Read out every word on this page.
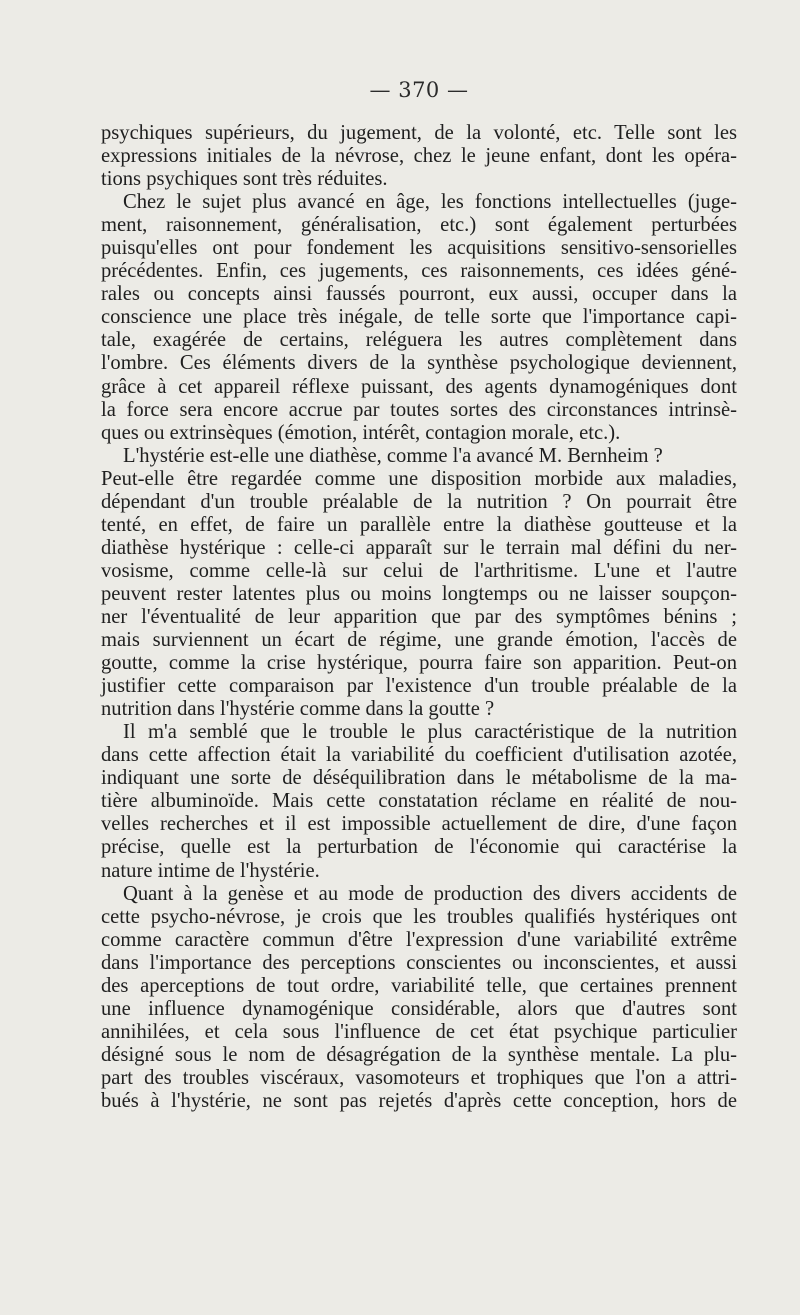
— 370 —
psychiques supérieurs, du jugement, de la volonté, etc. Telle sont les
expressions initiales de la névrose, chez le jeune enfant, dont les opéra-
tions psychiques sont très réduites.
Chez le sujet plus avancé en âge, les fonctions intellectuelles (juge-
ment, raisonnement, généralisation, etc.) sont également perturbées
puisqu'elles ont pour fondement les acquisitions sensitivo-sensorielles
précédentes. Enfin, ces jugements, ces raisonnements, ces idées géné-
rales ou concepts ainsi faussés pourront, eux aussi, occuper dans la
conscience une place très inégale, de telle sorte que l'importance capi-
tale, exagérée de certains, reléguera les autres complètement dans
l'ombre. Ces éléments divers de la synthèse psychologique deviennent,
grâce à cet appareil réflexe puissant, des agents dynamogéniques dont
la force sera encore accrue par toutes sortes des circonstances intrinsè-
ques ou extrinsèques (émotion, intérêt, contagion morale, etc.).
L'hystérie est-elle une diathèse, comme l'a avancé M. Bernheim ?
Peut-elle être regardée comme une disposition morbide aux maladies,
dépendant d'un trouble préalable de la nutrition ? On pourrait être
tenté, en effet, de faire un parallèle entre la diathèse goutteuse et la
diathèse hystérique : celle-ci apparaît sur le terrain mal défini du ner-
vosisme, comme celle-là sur celui de l'arthritisme. L'une et l'autre
peuvent rester latentes plus ou moins longtemps ou ne laisser soupçon-
ner l'éventualité de leur apparition que par des symptômes bénins ;
mais surviennent un écart de régime, une grande émotion, l'accès de
goutte, comme la crise hystérique, pourra faire son apparition. Peut-on
justifier cette comparaison par l'existence d'un trouble préalable de la
nutrition dans l'hystérie comme dans la goutte ?
Il m'a semblé que le trouble le plus caractéristique de la nutrition
dans cette affection était la variabilité du coefficient d'utilisation azotée,
indiquant une sorte de déséquilibration dans le métabolisme de la ma-
tière albuminoïde. Mais cette constatation réclame en réalité de nou-
velles recherches et il est impossible actuellement de dire, d'une façon
précise, quelle est la perturbation de l'économie qui caractérise la
nature intime de l'hystérie.
Quant à la genèse et au mode de production des divers accidents de
cette psycho-névrose, je crois que les troubles qualifiés hystériques ont
comme caractère commun d'être l'expression d'une variabilité extrême
dans l'importance des perceptions conscientes ou inconscientes, et aussi
des aperceptions de tout ordre, variabilité telle, que certaines prennent
une influence dynamogénique considérable, alors que d'autres sont
annihilées, et cela sous l'influence de cet état psychique particulier
désigné sous le nom de désagrégation de la synthèse mentale. La plu-
part des troubles viscéraux, vasomoteurs et trophiques que l'on a attri-
bués à l'hystérie, ne sont pas rejetés d'après cette conception, hors de
